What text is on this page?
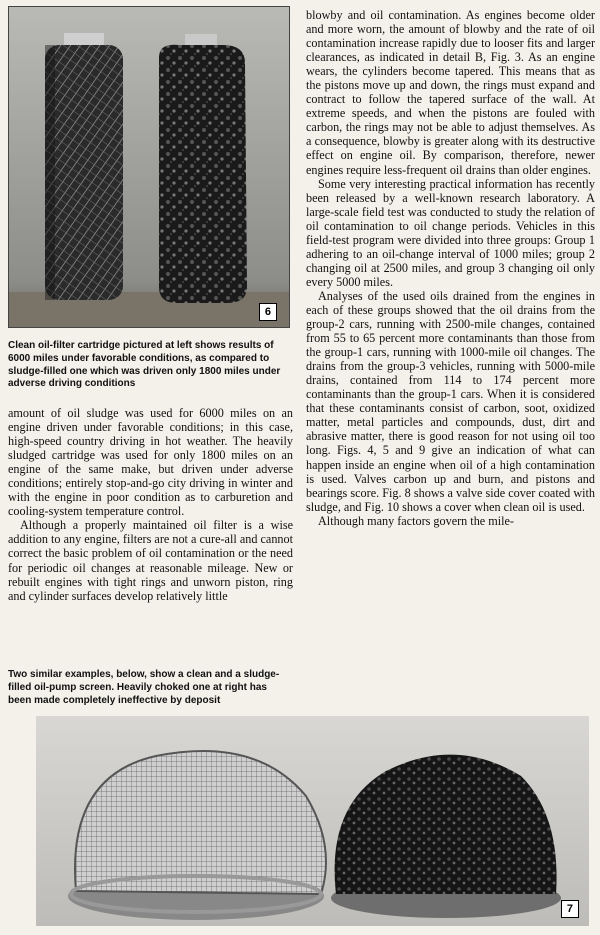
6
Clean oil-filter cartridge pictured at left shows results of 6000 miles under favorable conditions, as compared to sludge-filled one which was driven only 1800 miles under adverse driving conditions

amount of oil sludge was used for 6000 miles on an engine driven under favorable conditions; in this case, high-speed country driving in hot weather. The heavily sludged cartridge was used for only 1800 miles on an engine of the same make, but driven under adverse conditions; entirely stop-and-go city driving in winter and with the engine in poor condition as to carburetion and cooling-system temperature control.

Although a properly maintained oil filter is a wise addition to any engine, filters are not a cure-all and cannot correct the basic problem of oil contamination or the need for periodic oil changes at reasonable mileage. New or rebuilt engines with tight rings and unworn piston, ring and cylinder surfaces develop relatively little

Two similar examples, below, show a clean and a sludge-filled oil-pump screen. Heavily choked one at right has been made completely ineffective by deposit

blowby and oil contamination. As engines become older and more worn, the amount of blowby and the rate of oil contamination increase rapidly due to looser fits and larger clearances, as indicated in detail B, Fig. 3. As an engine wears, the cylinders become tapered. This means that as the pistons move up and down, the rings must expand and contract to follow the tapered surface of the wall. At extreme speeds, and when the pistons are fouled with carbon, the rings may not be able to adjust themselves. As a consequence, blowby is greater along with its destructive effect on engine oil. By comparison, therefore, newer engines require less-frequent oil drains than older engines.

Some very interesting practical information has recently been released by a well-known research laboratory. A large-scale field test was conducted to study the relation of oil contamination to oil change periods. Vehicles in this field-test program were divided into three groups: Group 1 adhering to an oil-change interval of 1000 miles; group 2 changing oil at 2500 miles, and group 3 changing oil only every 5000 miles.

Analyses of the used oils drained from the engines in each of these groups showed that the oil drains from the group-2 cars, running with 2500-mile changes, contained from 55 to 65 percent more contaminants than those from the group-1 cars, running with 1000-mile oil changes. The drains from the group-3 vehicles, running with 5000-mile drains, contained from 114 to 174 percent more contaminants than the group-1 cars. When it is considered that these contaminants consist of carbon, soot, oxidized matter, metal particles and compounds, dust, dirt and abrasive matter, there is good reason for not using oil too long. Figs. 4, 5 and 9 give an indication of what can happen inside an engine when oil of a high contamination is used. Valves carbon up and burn, and pistons and bearings score. Fig. 8 shows a valve side cover coated with sludge, and Fig. 10 shows a cover when clean oil is used.

Although many factors govern the mile-

7
